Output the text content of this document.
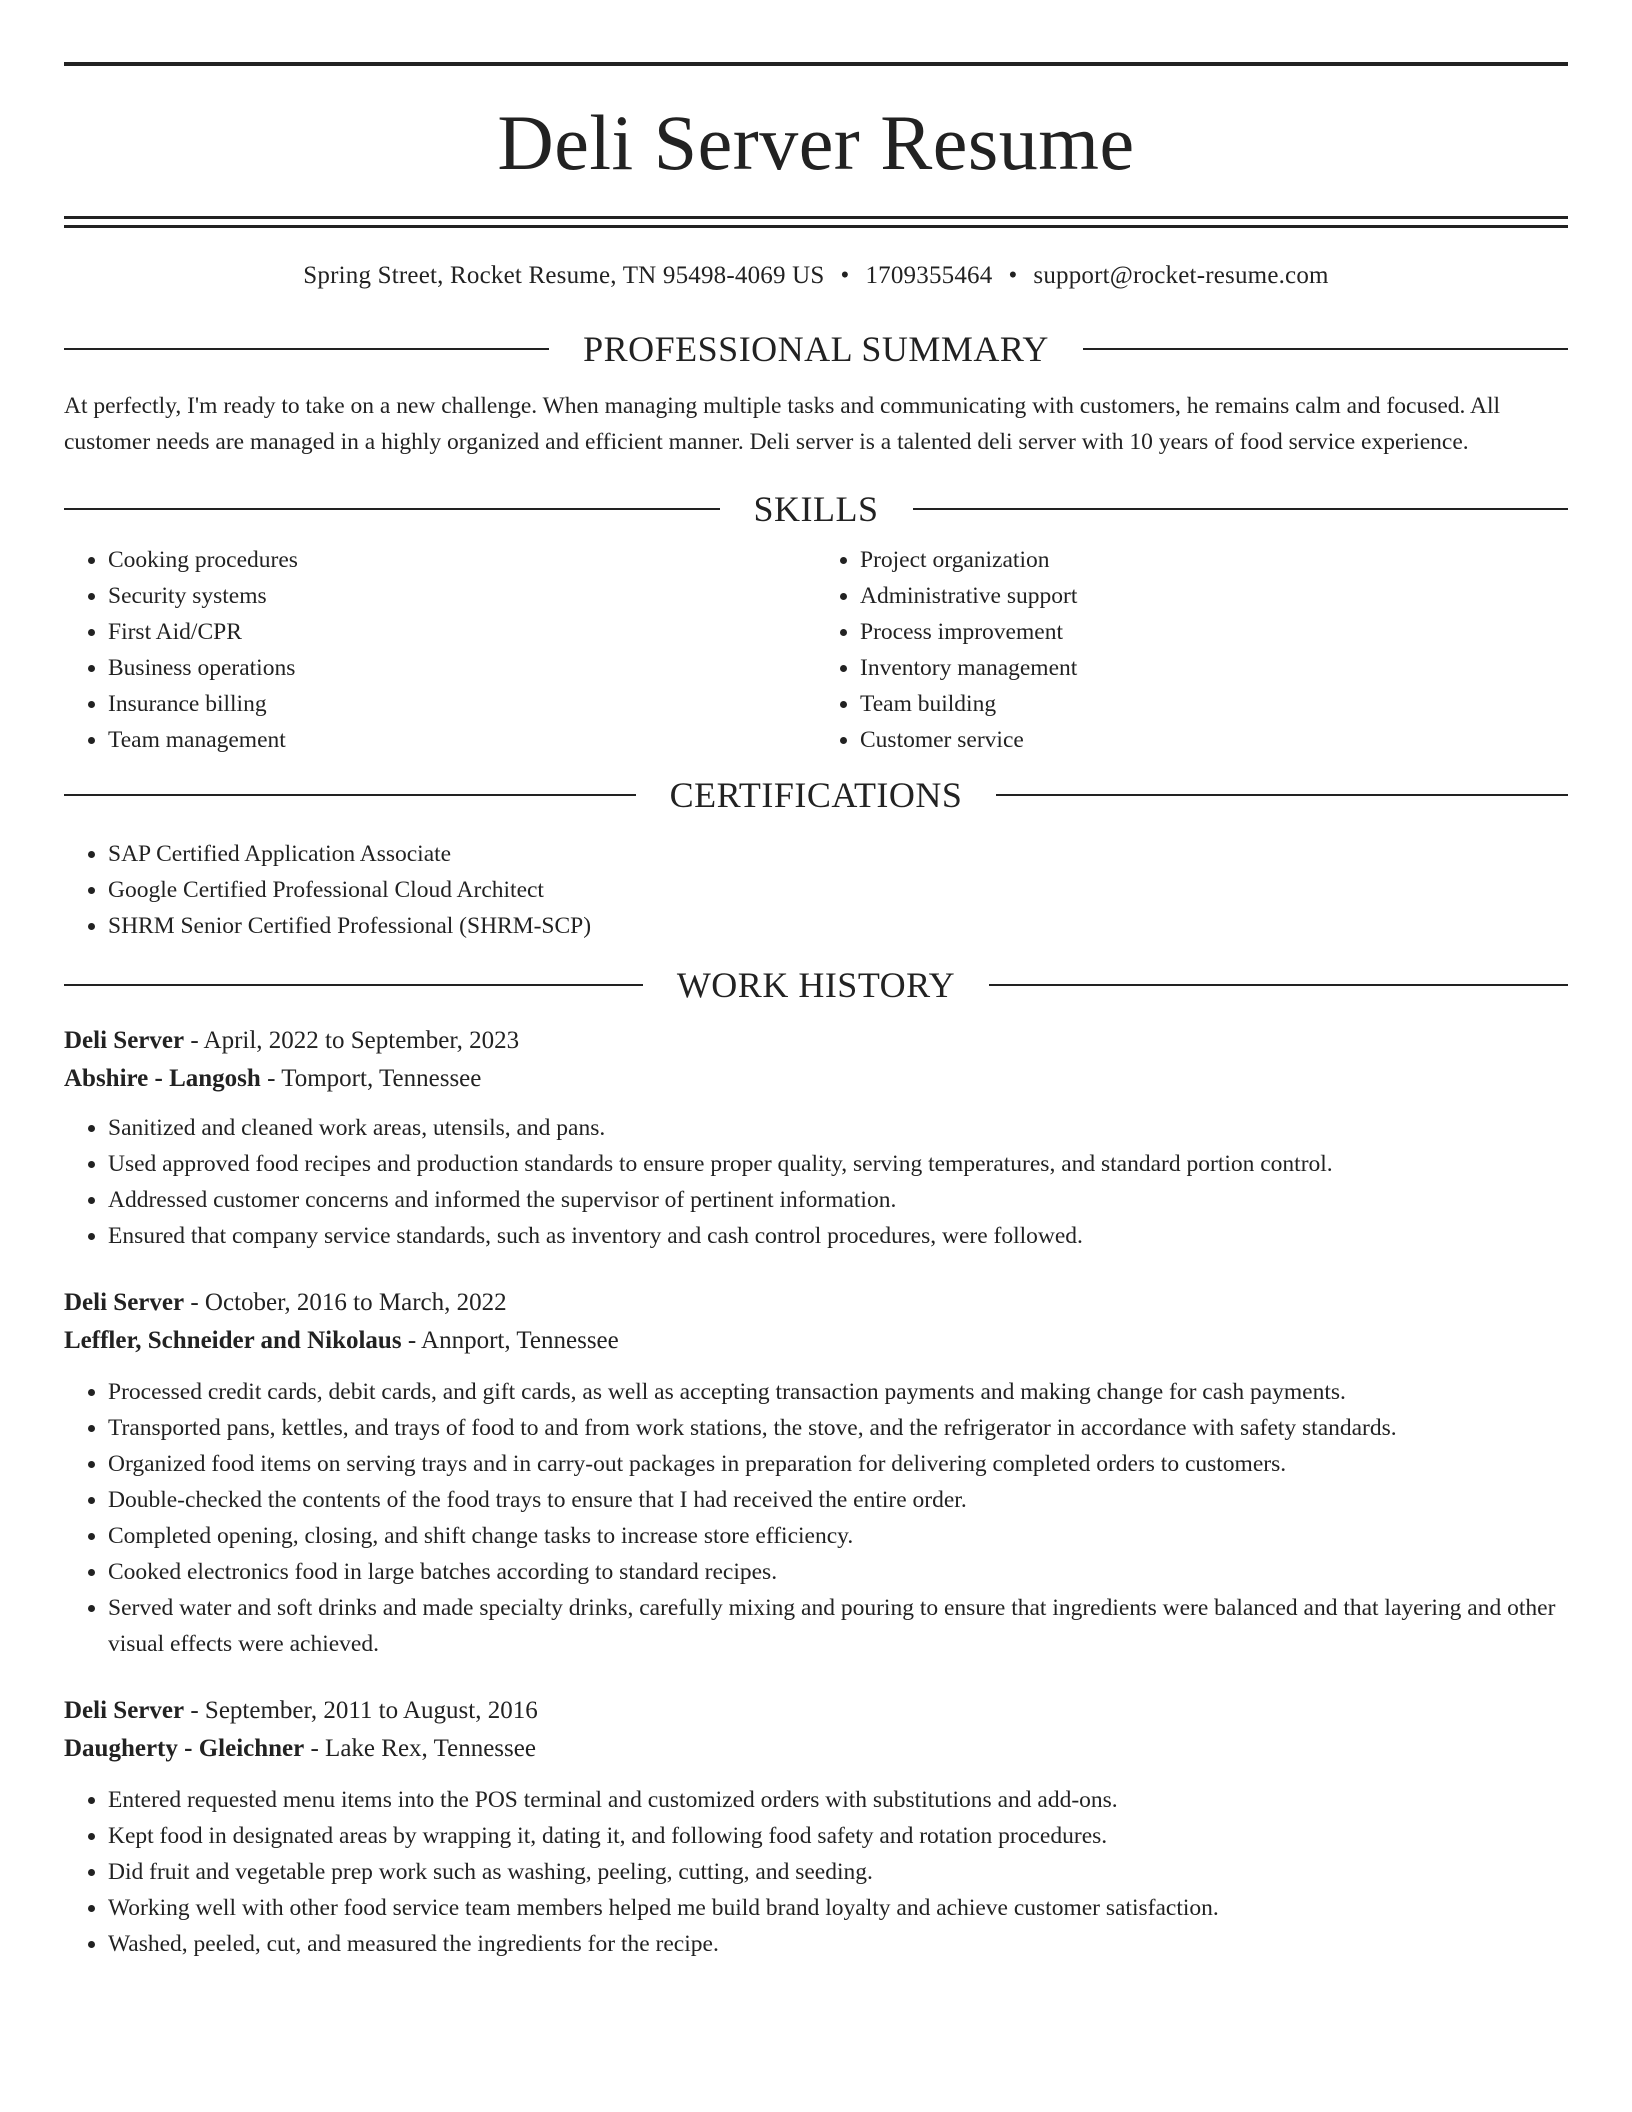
Deli Server Resume
Spring Street, Rocket Resume, TN 95498-4069 US • 1709355464 • support@rocket-resume.com
PROFESSIONAL SUMMARY

At perfectly, I'm ready to take on a new challenge. When managing multiple tasks and communicating with customers, he remains calm and focused. All customer needs are managed in a highly organized and efficient manner. Deli server is a talented deli server with 10 years of food service experience.

SKILLS
• Cooking procedures
• Security systems
• First Aid/CPR
• Business operations
• Insurance billing
• Team management
• Project organization
• Administrative support
• Process improvement
• Inventory management
• Team building
• Customer service
CERTIFICATIONS
• SAP Certified Application Associate
• Google Certified Professional Cloud Architect
• SHRM Senior Certified Professional (SHRM-SCP)
WORK HISTORY

Deli Server - April, 2022 to September, 2023

Abshire - Langosh - Tomport, Tennessee

• Sanitized and cleaned work areas, utensils, and pans.
• Used approved food recipes and production standards to ensure proper quality, serving temperatures, and standard portion control.
• Addressed customer concerns and informed the supervisor of pertinent information.
• Ensured that company service standards, such as inventory and cash control procedures, were followed.

Deli Server - October, 2016 to March, 2022

Leffler, Schneider and Nikolaus - Annport, Tennessee

• Processed credit cards, debit cards, and gift cards, as well as accepting transaction payments and making change for cash payments.
• Transported pans, kettles, and trays of food to and from work stations, the stove, and the refrigerator in accordance with safety standards.
• Organized food items on serving trays and in carry-out packages in preparation for delivering completed orders to customers.
• Double-checked the contents of the food trays to ensure that I had received the entire order.
• Completed opening, closing, and shift change tasks to increase store efficiency.
• Cooked electronics food in large batches according to standard recipes.
• Served water and soft drinks and made specialty drinks, carefully mixing and pouring to ensure that ingredients were balanced and that layering and other visual effects were achieved.

Deli Server - September, 2011 to August, 2016

Daugherty - Gleichner - Lake Rex, Tennessee

• Entered requested menu items into the POS terminal and customized orders with substitutions and add-ons.
• Kept food in designated areas by wrapping it, dating it, and following food safety and rotation procedures.
• Did fruit and vegetable prep work such as washing, peeling, cutting, and seeding.
• Working well with other food service team members helped me build brand loyalty and achieve customer satisfaction.
• Washed, peeled, cut, and measured the ingredients for the recipe.
